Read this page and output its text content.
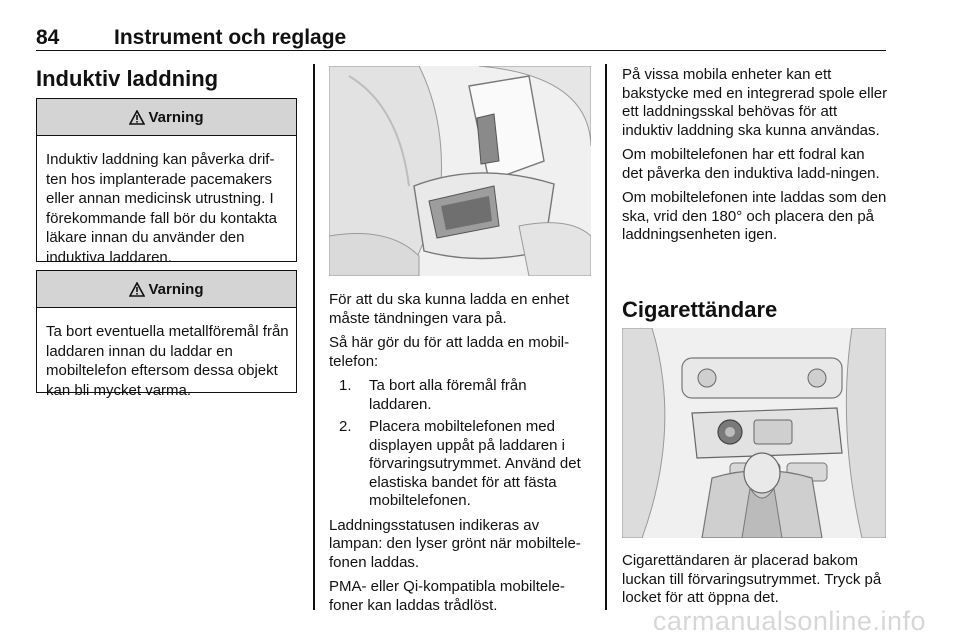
84	Instrument och reglage
Induktiv laddning
Varning
Induktiv laddning kan påverka drif-ten hos implanterade pacemakers eller annan medicinsk utrustning. I förekommande fall bör du kontakta läkare innan du använder den induktiva laddaren.
Varning
Ta bort eventuella metallföremål från laddaren innan du laddar en mobiltelefon eftersom dessa objekt kan bli mycket varma.

För att du ska kunna ladda en enhet måste tändningen vara på.

Så här gör du för att ladda en mobil-telefon:

1. Ta bort alla föremål från laddaren.
2. Placera mobiltelefonen med displayen uppåt på laddaren i förvaringsutrymmet. Använd det elastiska bandet för att fästa mobiltelefonen.

Laddningsstatusen indikeras av lampan: den lyser grönt när mobiltele-fonen laddas.

PMA- eller Qi-kompatibla mobiltele-foner kan laddas trådlöst.

På vissa mobila enheter kan ett bakstycke med en integrerad spole eller ett laddningsskal behövas för att induktiv laddning ska kunna användas.

Om mobiltelefonen har ett fodral kan det påverka den induktiva ladd-ningen.

Om mobiltelefonen inte laddas som den ska, vrid den 180° och placera den på laddningsenheten igen.

Cigarettändare

Cigarettändaren är placerad bakom luckan till förvaringsutrymmet. Tryck på locket för att öppna det.

carmanualsonline.info
